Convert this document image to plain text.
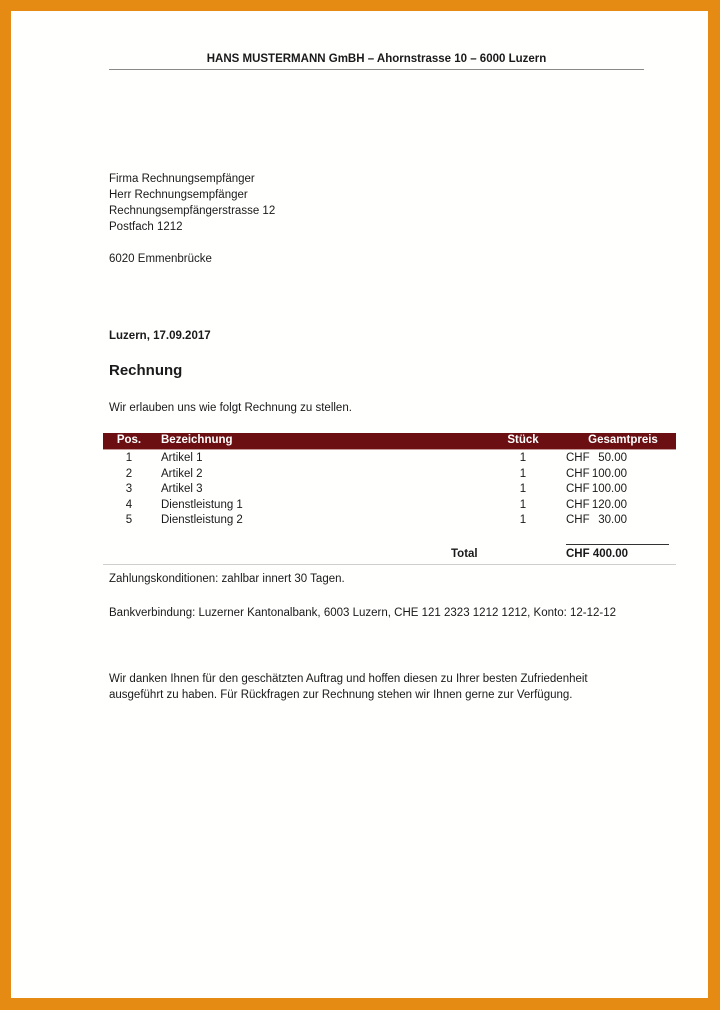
HANS MUSTERMANN GmBH – Ahornstrasse 10 – 6000 Luzern
Firma Rechnungsempfänger
Herr Rechnungsempfänger
Rechnungsempfängerstrasse 12
Postfach 1212
6020 Emmenbrücke
Luzern, 17.09.2017
Rechnung
Wir erlauben uns wie folgt Rechnung zu stellen.
Pos.	Bezeichnung	Stück	Gesamtpreis
1	Artikel 1	1	CHF 50.00
2	Artikel 2	1	CHF 100.00
3	Artikel 3	1	CHF 100.00
4	Dienstleistung 1	1	CHF 120.00
5	Dienstleistung 2	1	CHF 30.00
Total	CHF 400.00
Zahlungskonditionen: zahlbar innert 30 Tagen.
Bankverbindung: Luzerner Kantonalbank, 6003 Luzern, CHE 121 2323 1212 1212, Konto: 12-12-12
Wir danken Ihnen für den geschätzten Auftrag und hoffen diesen zu Ihrer besten Zufriedenheit
ausgeführt zu haben. Für Rückfragen zur Rechnung stehen wir Ihnen gerne zur Verfügung.
